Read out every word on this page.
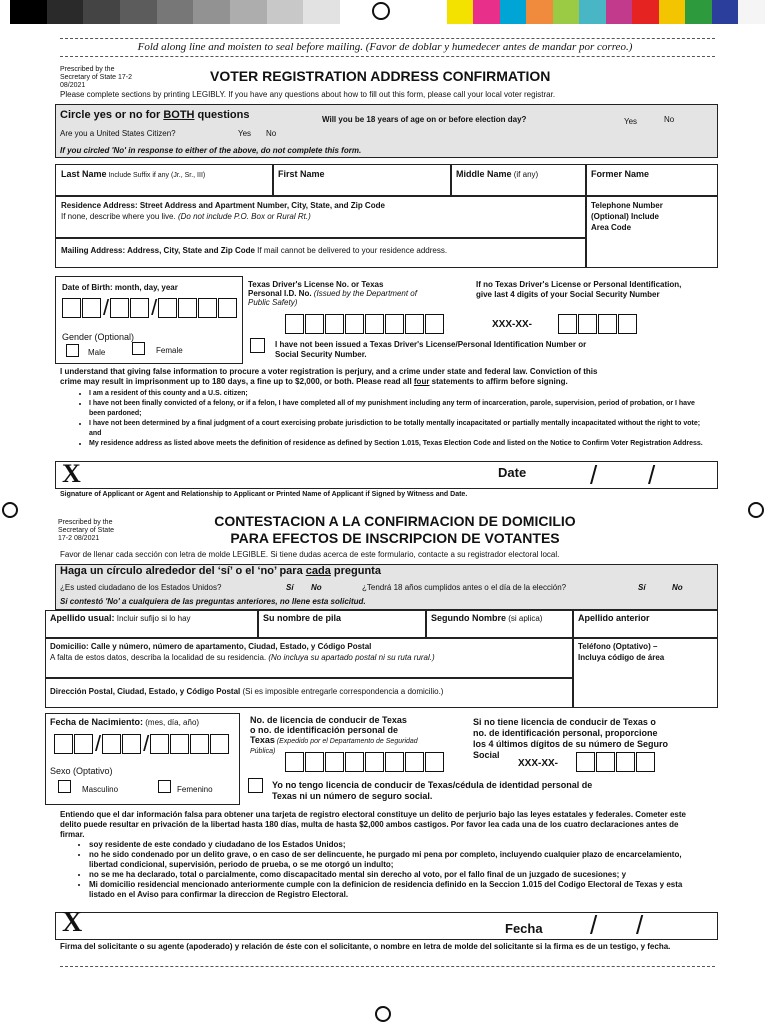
Fold along line and moisten to seal before mailing. (Favor de doblar y humedecer antes de mandar por correo.)
Prescribed by the
Secretary of State 17-2
08/2021
VOTER REGISTRATION ADDRESS CONFIRMATION
Please complete sections by printing LEGIBLY. If you have any questions about how to fill out this form, please call your local voter registrar.
Circle yes or no for BOTH questions
Are you a United States Citizen?	Yes No
Will you be 18 years of age on or before election day?	Yes	No
If you circled 'No' in response to either of the above, do not complete this form.
Last Name Include Suffix if any (Jr., Sr., III)	First Name	Middle Name (if any)	Former Name
Residence Address: Street Address and Apartment Number, City, State, and Zip Code
If none, describe where you live. (Do not include P.O. Box or Rural Rt.)
Telephone Number
(Optional) Include
Area Code
Mailing Address: Address, City, State and Zip Code If mail cannot be delivered to your residence address.
Date of Birth: month, day, year
/ /
Gender (Optional)
Male	Female
Texas Driver's License No. or Texas
Personal I.D. No. (Issued by the Department of
Public Safety)
If no Texas Driver's License or Personal Identification,
give last 4 digits of your Social Security Number
XXX-XX-
I have not been issued a Texas Driver's License/Personal Identification Number or
Social Security Number.
I understand that giving false information to procure a voter registration is perjury, and a crime under state and federal law. Conviction of this
crime may result in imprisonment up to 180 days, a fine up to $2,000, or both. Please read all four statements to affirm before signing.
• I am a resident of this county and a U.S. citizen;
• I have not been finally convicted of a felony, or if a felon, I have completed all of my punishment including any term of incarceration, parole, supervision, period of probation, or I have been pardoned;
• I have not been determined by a final judgment of a court exercising probate jurisdiction to be totally mentally incapacitated or partially mentally incapacitated without the right to vote; and
• My residence address as listed above meets the definition of residence as defined by Section 1.015, Texas Election Code and listed on the Notice to Confirm Voter Registration Address.
X	Date / /
Signature of Applicant or Agent and Relationship to Applicant or Printed Name of Applicant if Signed by Witness and Date.
Prescribed by the
Secretary of State
17-2 08/2021
CONTESTACION A LA CONFIRMACION DE DOMICILIO
PARA EFECTOS DE INSCRIPCION DE VOTANTES
Favor de llenar cada sección con letra de molde LEGIBLE. Si tiene dudas acerca de este formulario, contacte a su registrador electoral local.
Haga un círculo alrededor del ‘sí’ o el ‘no’ para cada pregunta
¿Es usted ciudadano de los Estados Unidos?	Sí No	¿Tendrá 18 años cumplidos antes o el día de la elección?	Sí	No
Si contestó 'No' a cualquiera de las preguntas anteriores, no llene esta solicitud.
Apellido usual: Incluir sufijo si lo hay	Su nombre de pila	Segundo Nombre (si aplica)	Apellido anterior
Domicilio: Calle y número, número de apartamento, Ciudad, Estado, y Código Postal
A falta de estos datos, describa la localidad de su residencia. (No incluya su apartado postal ni su ruta rural.)
Teléfono (Optativo) –
Incluya código de área
Dirección Postal, Ciudad, Estado, y Código Postal (Si es imposible entregarle correspondencia a domicilio.)
Fecha de Nacimiento: (mes, día, año)
/ /
Sexo (Optativo)
Masculino	Femenino
No. de licencia de conducir de Texas
o no. de identificación personal de
Texas (Expedido por el Departamento de Seguridad
Pública)
Si no tiene licencia de conducir de Texas o
no. de identificación personal, proporcione
los 4 últimos dígitos de su número de Seguro
Social
XXX-XX-
Yo no tengo licencia de conducir de Texas/cédula de identidad personal de
Texas ni un número de seguro social.
Entiendo que el dar información falsa para obtener una tarjeta de registro electoral constituye un delito de perjurio bajo las leyes estatales y federales. Cometer este delito puede resultar en privación de la libertad hasta 180 días, multa de hasta $2,000 ambos castigos. Por favor lea cada una de los cuatro declaraciones antes de firmar.
• soy residente de este condado y ciudadano de los Estados Unidos;
• no he sido condenado por un delito grave, o en caso de ser delincuente, he purgado mi pena por completo, incluyendo cualquier plazo de encarcelamiento, libertad condicional, supervisión, periodo de prueba, o se me otorgó un indulto;
• no se me ha declarado, total o parcialmente, como discapacitado mental sin derecho al voto, por el fallo final de un juzgado de sucesiones; y
• Mi domicilio residencial mencionado anteriormente cumple con la definicion de residencia definido en la Seccion 1.015 del Codigo Electoral de Texas y esta listado en el Aviso para confirmar la direccion de Registro Electoral.
X	Fecha / /
Firma del solicitante o su agente (apoderado) y relación de éste con el solicitante, o nombre en letra de molde del solicitante si la firma es de un testigo, y fecha.
